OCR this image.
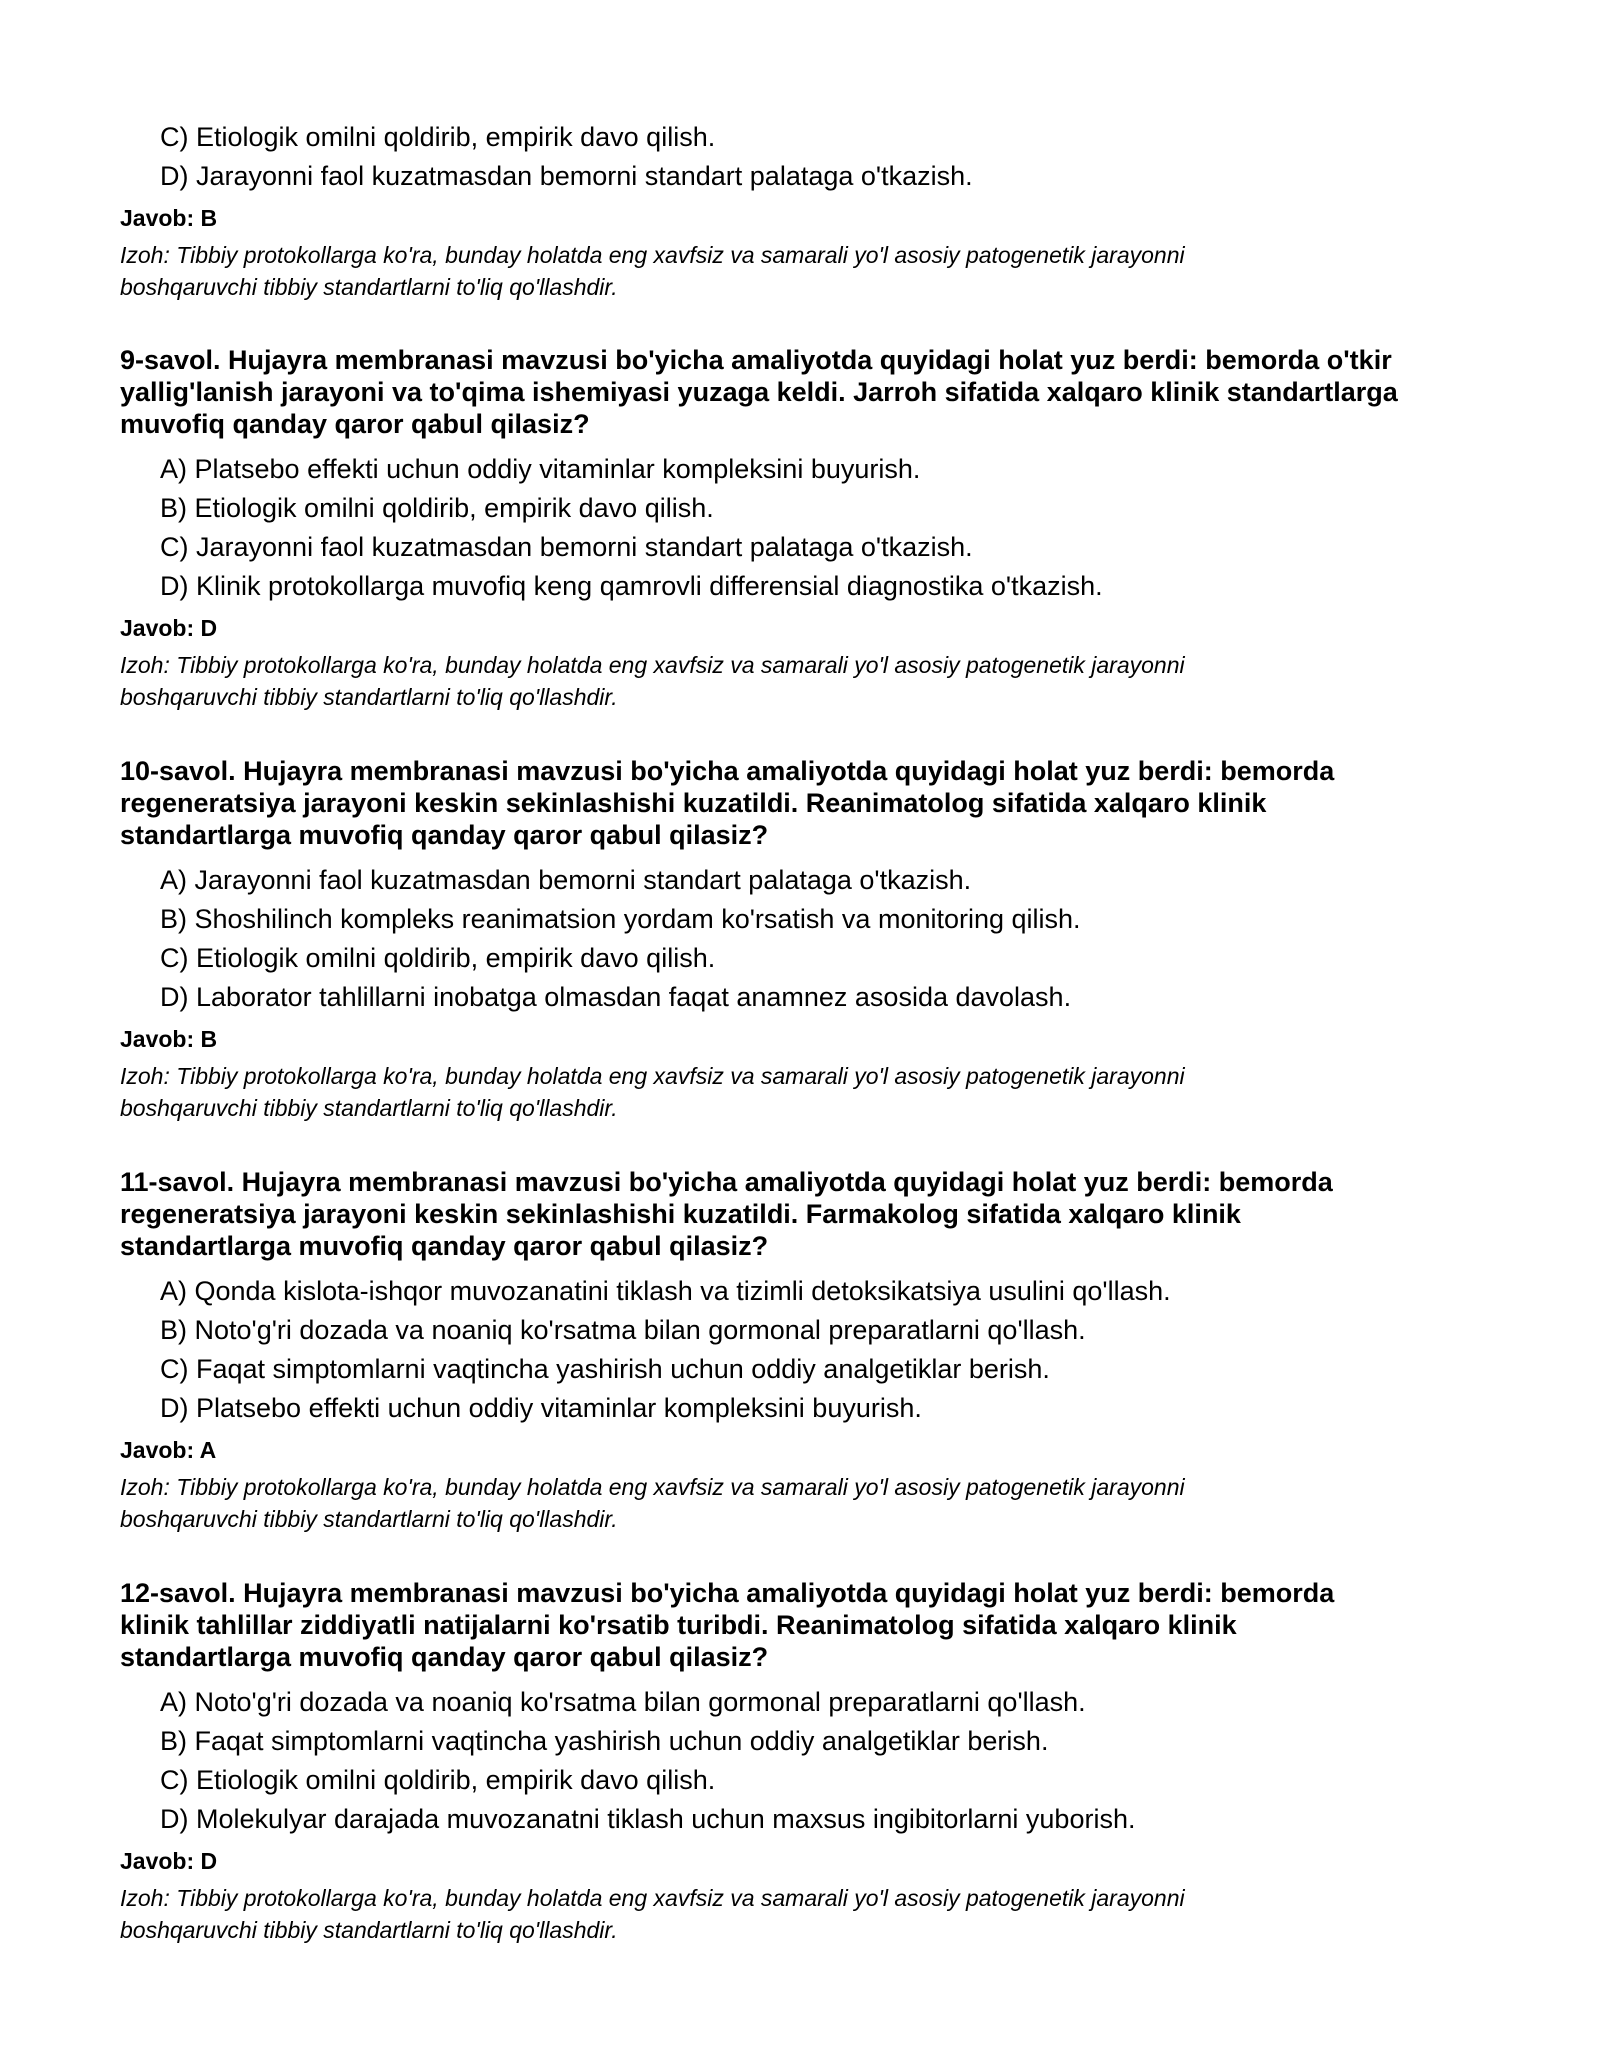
C) Etiologik omilni qoldirib, empirik davo qilish.
D) Jarayonni faol kuzatmasdan bemorni standart palataga o'tkazish.
Javob: B
Izoh: Tibbiy protokollarga ko'ra, bunday holatda eng xavfsiz va samarali yo'l asosiy patogenetik jarayonni
boshqaruvchi tibbiy standartlarni to'liq qo'llashdir.
9-savol. Hujayra membranasi mavzusi bo'yicha amaliyotda quyidagi holat yuz berdi: bemorda o'tkir
yallig'lanish jarayoni va to'qima ishemiyasi yuzaga keldi. Jarroh sifatida xalqaro klinik standartlarga
muvofiq qanday qaror qabul qilasiz?
A) Platsebo effekti uchun oddiy vitaminlar kompleksini buyurish.
B) Etiologik omilni qoldirib, empirik davo qilish.
C) Jarayonni faol kuzatmasdan bemorni standart palataga o'tkazish.
D) Klinik protokollarga muvofiq keng qamrovli differensial diagnostika o'tkazish.
Javob: D
Izoh: Tibbiy protokollarga ko'ra, bunday holatda eng xavfsiz va samarali yo'l asosiy patogenetik jarayonni
boshqaruvchi tibbiy standartlarni to'liq qo'llashdir.
10-savol. Hujayra membranasi mavzusi bo'yicha amaliyotda quyidagi holat yuz berdi: bemorda
regeneratsiya jarayoni keskin sekinlashishi kuzatildi. Reanimatolog sifatida xalqaro klinik
standartlarga muvofiq qanday qaror qabul qilasiz?
A) Jarayonni faol kuzatmasdan bemorni standart palataga o'tkazish.
B) Shoshilinch kompleks reanimatsion yordam ko'rsatish va monitoring qilish.
C) Etiologik omilni qoldirib, empirik davo qilish.
D) Laborator tahlillarni inobatga olmasdan faqat anamnez asosida davolash.
Javob: B
Izoh: Tibbiy protokollarga ko'ra, bunday holatda eng xavfsiz va samarali yo'l asosiy patogenetik jarayonni
boshqaruvchi tibbiy standartlarni to'liq qo'llashdir.
11-savol. Hujayra membranasi mavzusi bo'yicha amaliyotda quyidagi holat yuz berdi: bemorda
regeneratsiya jarayoni keskin sekinlashishi kuzatildi. Farmakolog sifatida xalqaro klinik
standartlarga muvofiq qanday qaror qabul qilasiz?
A) Qonda kislota-ishqor muvozanatini tiklash va tizimli detoksikatsiya usulini qo'llash.
B) Noto'g'ri dozada va noaniq ko'rsatma bilan gormonal preparatlarni qo'llash.
C) Faqat simptomlarni vaqtincha yashirish uchun oddiy analgetiklar berish.
D) Platsebo effekti uchun oddiy vitaminlar kompleksini buyurish.
Javob: A
Izoh: Tibbiy protokollarga ko'ra, bunday holatda eng xavfsiz va samarali yo'l asosiy patogenetik jarayonni
boshqaruvchi tibbiy standartlarni to'liq qo'llashdir.
12-savol. Hujayra membranasi mavzusi bo'yicha amaliyotda quyidagi holat yuz berdi: bemorda
klinik tahlillar ziddiyatli natijalarni ko'rsatib turibdi. Reanimatolog sifatida xalqaro klinik
standartlarga muvofiq qanday qaror qabul qilasiz?
A) Noto'g'ri dozada va noaniq ko'rsatma bilan gormonal preparatlarni qo'llash.
B) Faqat simptomlarni vaqtincha yashirish uchun oddiy analgetiklar berish.
C) Etiologik omilni qoldirib, empirik davo qilish.
D) Molekulyar darajada muvozanatni tiklash uchun maxsus ingibitorlarni yuborish.
Javob: D
Izoh: Tibbiy protokollarga ko'ra, bunday holatda eng xavfsiz va samarali yo'l asosiy patogenetik jarayonni
boshqaruvchi tibbiy standartlarni to'liq qo'llashdir.
